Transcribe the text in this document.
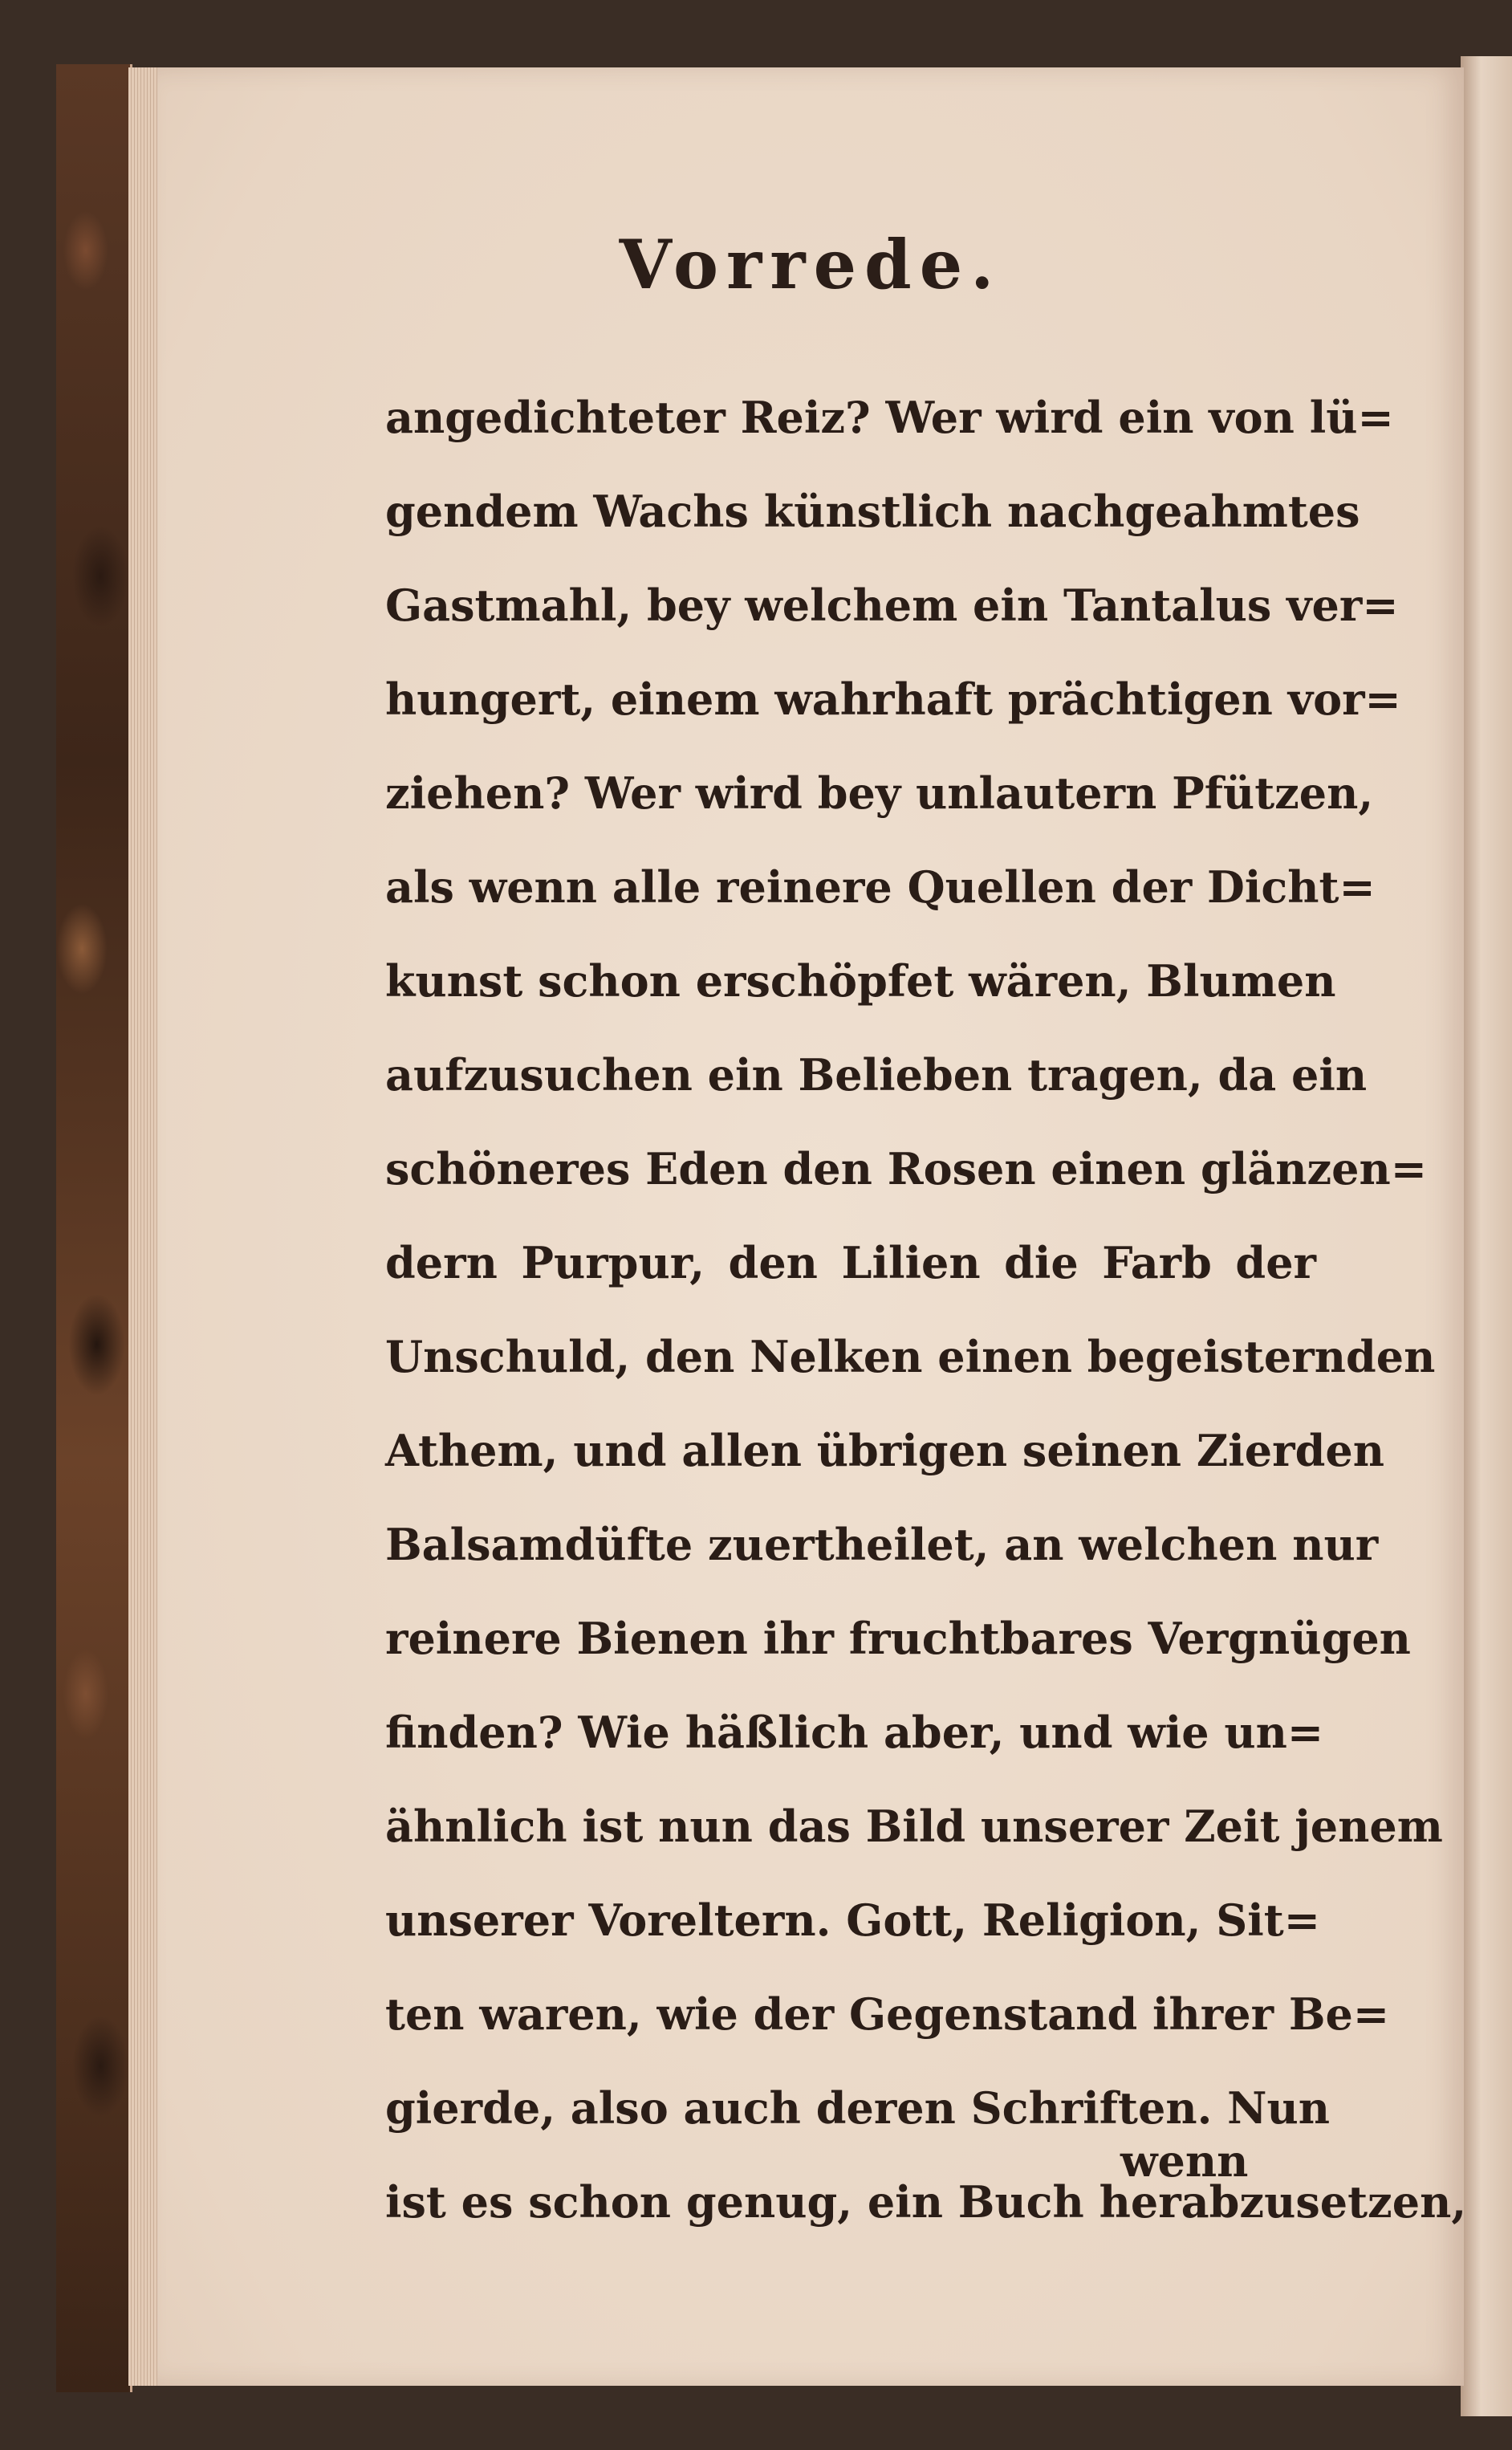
Vorrede.
angedichteter Reiz? Wer wird ein von lü=
gendem Wachs künstlich nachgeahmtes
Gastmahl, bey welchem ein Tantalus ver=
hungert, einem wahrhaft prächtigen vor=
ziehen? Wer wird bey unlautern Pfützen,
als wenn alle reinere Quellen der Dicht=
kunst schon erschöpfet wären, Blumen
aufzusuchen ein Belieben tragen, da ein
schöneres Eden den Rosen einen glänzen=
dern Purpur, den Lilien die Farb der
Unschuld, den Nelken einen begeisternden
Athem, und allen übrigen seinen Zierden
Balsamdüfte zuertheilet, an welchen nur
reinere Bienen ihr fruchtbares Vergnügen
finden? Wie häßlich aber, und wie un=
ähnlich ist nun das Bild unserer Zeit jenem
unserer Voreltern. Gott, Religion, Sit=
ten waren, wie der Gegenstand ihrer Be=
gierde, also auch deren Schriften. Nun
ist es schon genug, ein Buch herabzusetzen,
wenn
